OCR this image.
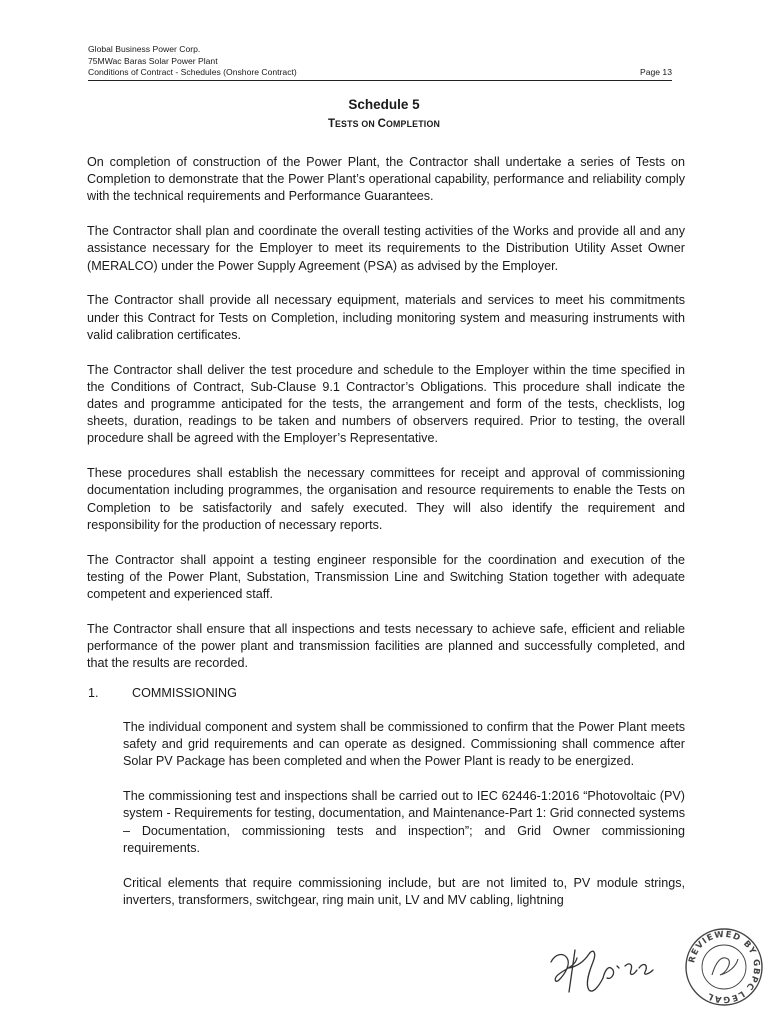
Global Business Power Corp.
75MWac Baras Solar Power Plant
Conditions of Contract - Schedules (Onshore Contract)	Page 13
Schedule 5
TESTS ON COMPLETION

On completion of construction of the Power Plant, the Contractor shall undertake a series of Tests on Completion to demonstrate that the Power Plant’s operational capability, performance and reliability comply with the technical requirements and Performance Guarantees.

The Contractor shall plan and coordinate the overall testing activities of the Works and provide all and any assistance necessary for the Employer to meet its requirements to the Distribution Utility Asset Owner (MERALCO) under the Power Supply Agreement (PSA) as advised by the Employer.

The Contractor shall provide all necessary equipment, materials and services to meet his commitments under this Contract for Tests on Completion, including monitoring system and measuring instruments with valid calibration certificates.

The Contractor shall deliver the test procedure and schedule to the Employer within the time specified in the Conditions of Contract, Sub-Clause 9.1 Contractor’s Obligations. This procedure shall indicate the dates and programme anticipated for the tests, the arrangement and form of the tests, checklists, log sheets, duration, readings to be taken and numbers of observers required. Prior to testing, the overall procedure shall be agreed with the Employer’s Representative.

These procedures shall establish the necessary committees for receipt and approval of commissioning documentation including programmes, the organisation and resource requirements to enable the Tests on Completion to be satisfactorily and safely executed. They will also identify the requirement and responsibility for the production of necessary reports.

The Contractor shall appoint a testing engineer responsible for the coordination and execution of the testing of the Power Plant, Substation, Transmission Line and Switching Station together with adequate competent and experienced staff.

The Contractor shall ensure that all inspections and tests necessary to achieve safe, efficient and reliable performance of the power plant and transmission facilities are planned and successfully completed, and that the results are recorded.

1.	COMMISSIONING

The individual component and system shall be commissioned to confirm that the Power Plant meets safety and grid requirements and can operate as designed. Commissioning shall commence after Solar PV Package has been completed and when the Power Plant is ready to be energized.

The commissioning test and inspections shall be carried out to IEC 62446-1:2016 “Photovoltaic (PV) system - Requirements for testing, documentation, and Maintenance-Part 1: Grid connected systems – Documentation, commissioning tests and inspection”; and Grid Owner commissioning requirements.

Critical elements that require commissioning include, but are not limited to, PV module strings, inverters, transformers, switchgear, ring main unit, LV and MV cabling, lightning

REVIEWED BY GBPC LEGAL
